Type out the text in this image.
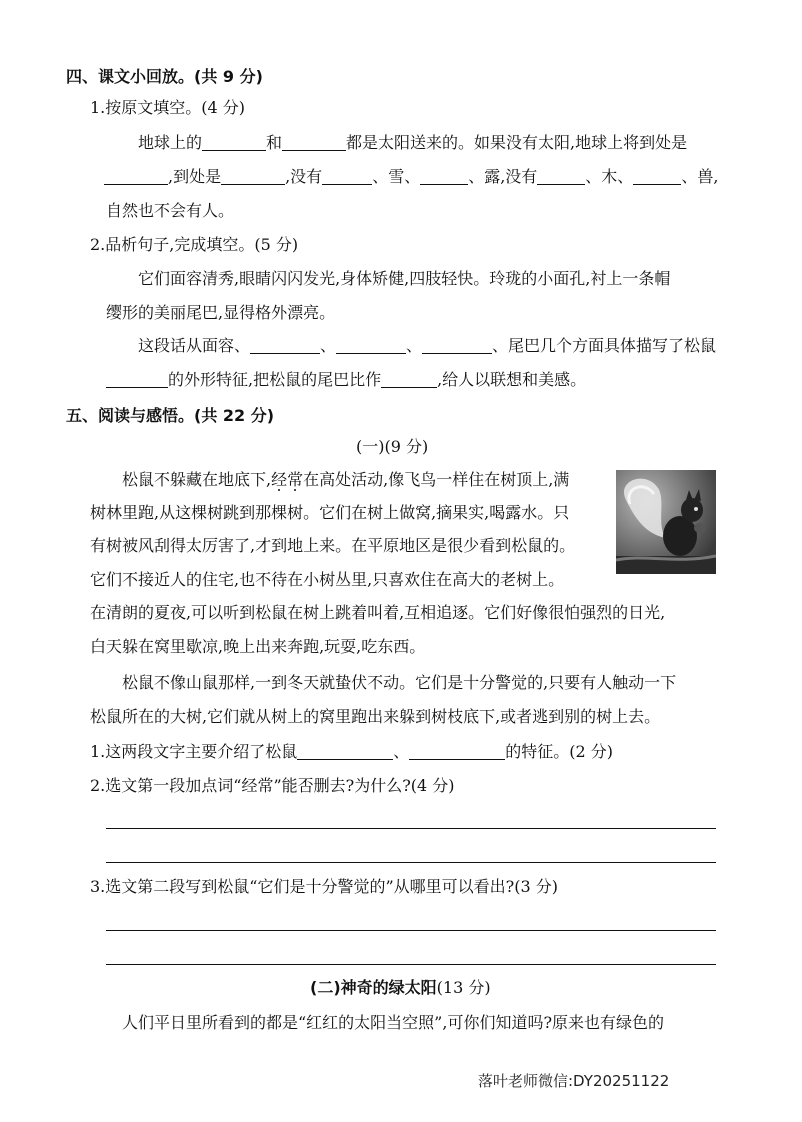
四、课文小回放。(共 9 分)
1.按原文填空。(4 分)
地球上的	和	都是太阳送来的。如果没有太阳,地球上将到处是
,到处是	,没有	、雪、	、露,没有	、木、	、兽,
自然也不会有人。
2.品析句子,完成填空。(5 分)
它们面容清秀,眼睛闪闪发光,身体矫健,四肢轻快。玲珑的小面孔,衬上一条帽
缨形的美丽尾巴,显得格外漂亮。
这段话从面容、	、	、	、尾巴几个方面具体描写了松鼠
的外形特征,把松鼠的尾巴比作	,给人以联想和美感。
五、阅读与感悟。(共 22 分)
(一)(9 分)
松鼠不躲藏在地底下,经常在高处活动,像飞鸟一样住在树顶上,满
树林里跑,从这棵树跳到那棵树。它们在树上做窝,摘果实,喝露水。只
有树被风刮得太厉害了,才到地上来。在平原地区是很少看到松鼠的。
它们不接近人的住宅,也不待在小树丛里,只喜欢住在高大的老树上。
在清朗的夏夜,可以听到松鼠在树上跳着叫着,互相追逐。它们好像很怕强烈的日光,
白天躲在窝里歇凉,晚上出来奔跑,玩耍,吃东西。
松鼠不像山鼠那样,一到冬天就蛰伏不动。它们是十分警觉的,只要有人触动一下
松鼠所在的大树,它们就从树上的窝里跑出来躲到树枝底下,或者逃到别的树上去。
1.这两段文字主要介绍了松鼠	、	的特征。(2 分)
2.选文第一段加点词“经常”能否删去?为什么?(4 分)
3.选文第二段写到松鼠“它们是十分警觉的”从哪里可以看出?(3 分)
(二)神奇的绿太阳(13 分)
人们平日里所看到的都是“红红的太阳当空照”,可你们知道吗?原来也有绿色的
落叶老师微信:DY20251122
